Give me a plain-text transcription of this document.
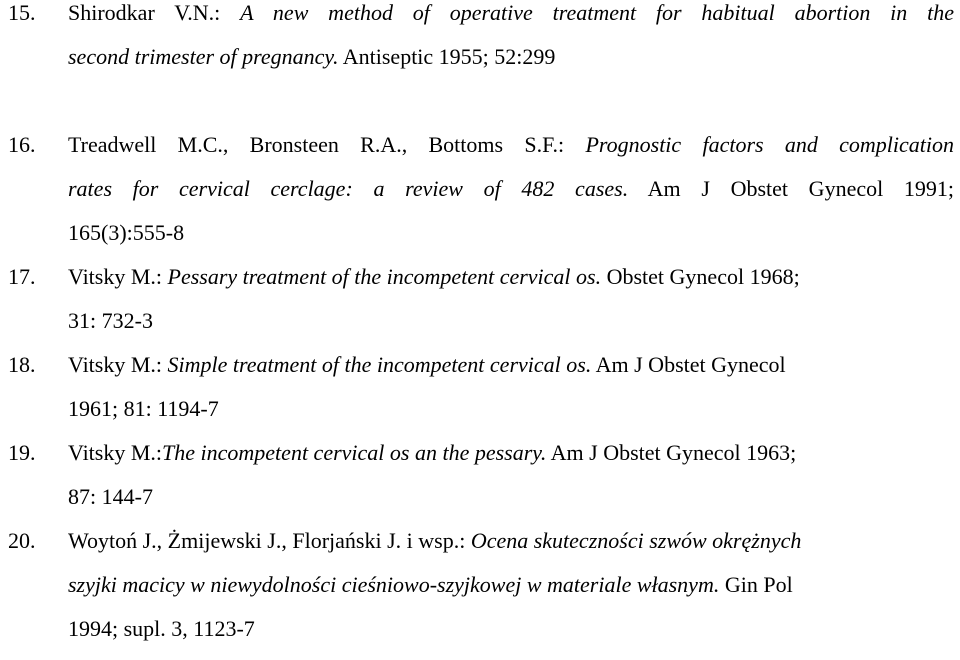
15. Shirodkar V.N.: A new method of operative treatment for habitual abortion in the
second trimester of pregnancy. Antiseptic 1955; 52:299
16. Treadwell M.C., Bronsteen R.A., Bottoms S.F.: Prognostic factors and complication
rates for cervical cerclage: a review of 482 cases. Am J Obstet Gynecol 1991;
165(3):555-8
17. Vitsky M.: Pessary treatment of the incompetent cervical os. Obstet Gynecol 1968;
31: 732-3
18. Vitsky M.: Simple treatment of the incompetent cervical os. Am J Obstet Gynecol
1961; 81: 1194-7
19. Vitsky M.:The incompetent cervical os an the pessary. Am J Obstet Gynecol 1963;
87: 144-7
20. Woytoń J., Żmijewski J., Florjański J. i wsp.: Ocena skuteczności szwów okrężnych
szyjki macicy w niewydolności cieśniowo-szyjkowej w materiale własnym. Gin Pol
1994; supl. 3, 1123-7
